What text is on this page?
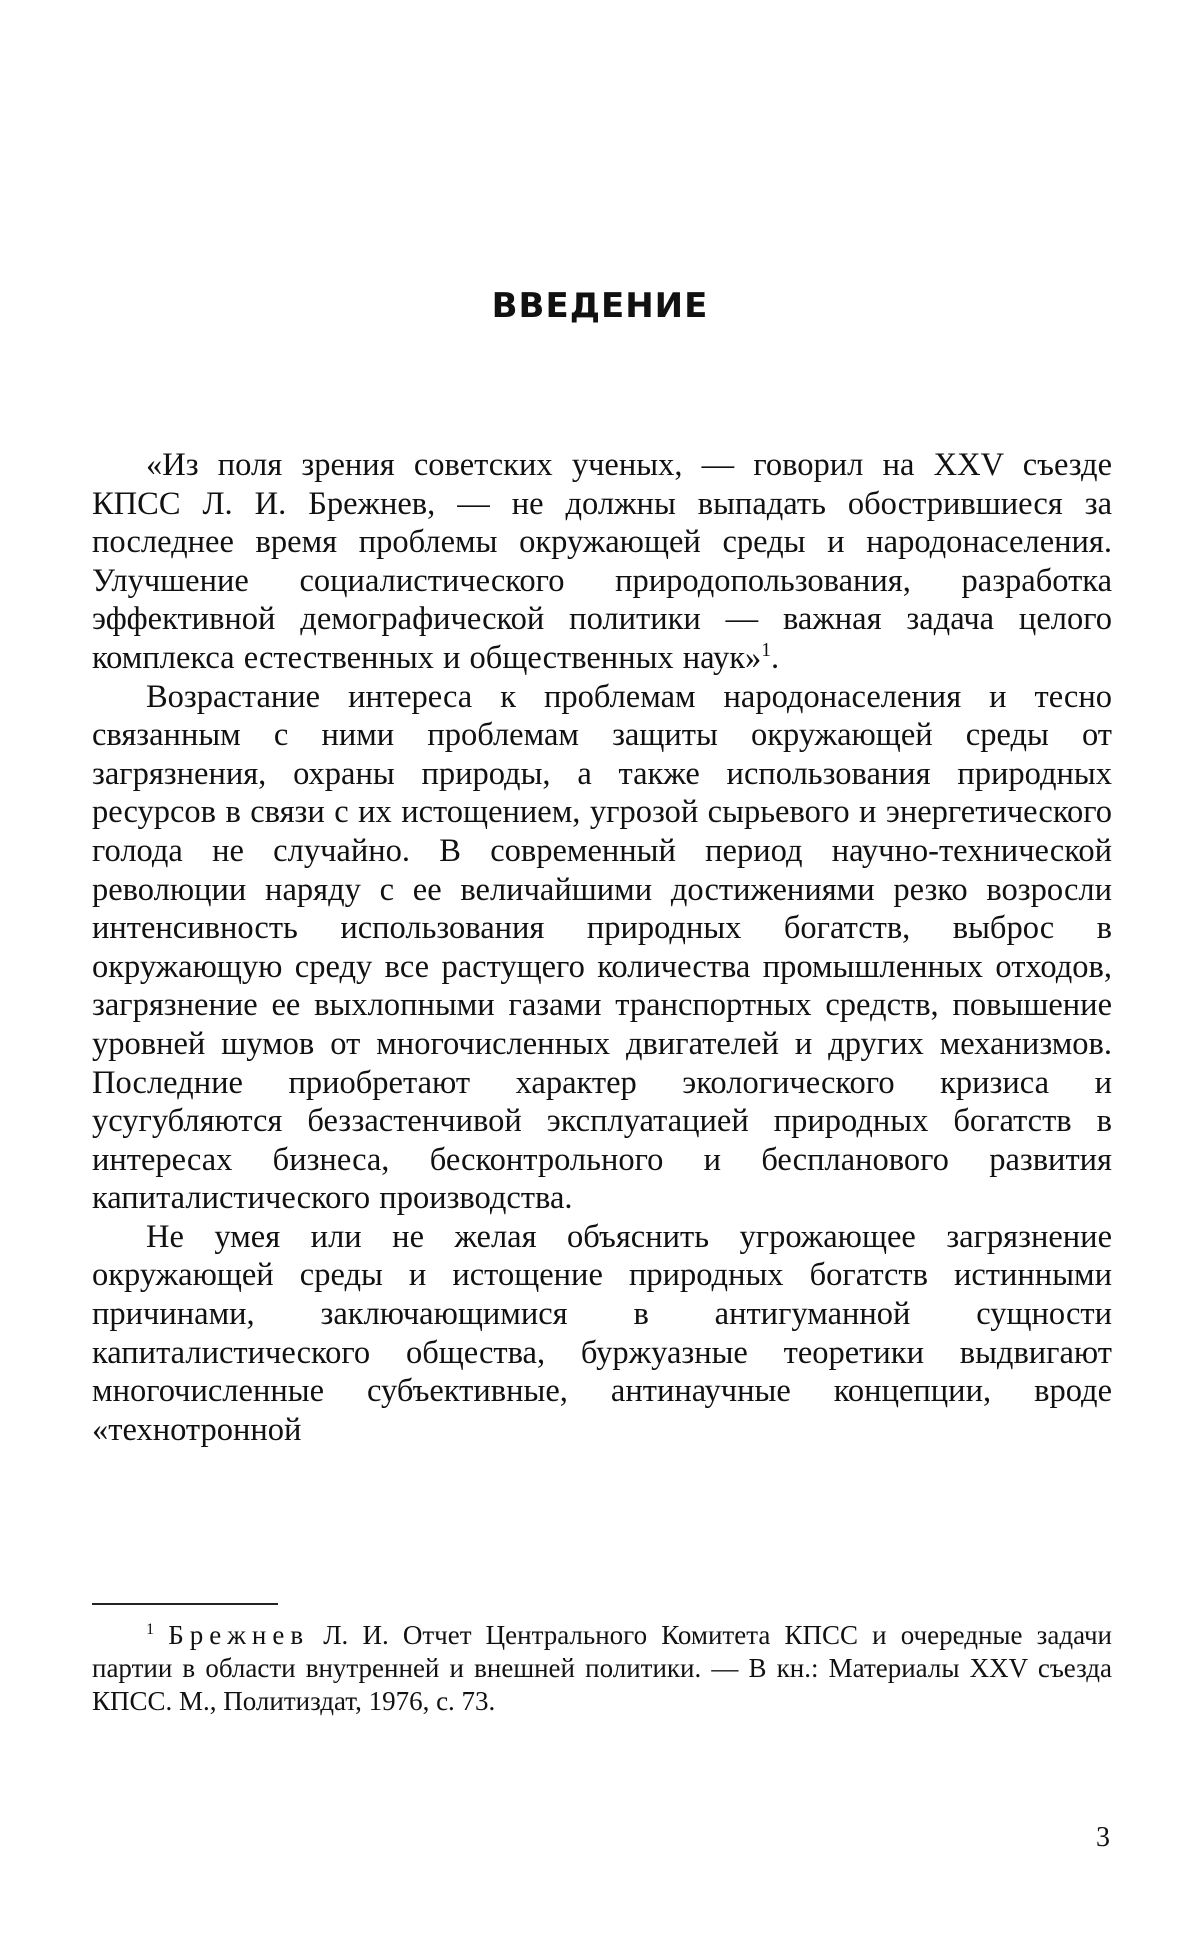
ВВЕДЕНИЕ

«Из поля зрения советских ученых, — говорил на XXV съезде КПСС Л. И. Брежнев, — не должны выпадать обострившиеся за последнее время проблемы окружающей среды и народонаселения. Улучшение социалистического природопользования, разработка эффективной демографической политики — важная задача целого комплекса естественных и общественных наук»$^1$.

Возрастание интереса к проблемам народонаселения и тесно связанным с ними проблемам защиты окружающей среды от загрязнения, охраны природы, а также использования природных ресурсов в связи с их истощением, угрозой сырьевого и энергетического голода не случайно. В современный период научно-технической революции наряду с ее величайшими достижениями резко возросли интенсивность использования природных богатств, выброс в окружающую среду все растущего количества промышленных отходов, загрязнение ее выхлопными газами транспортных средств, повышение уровней шумов от многочисленных двигателей и других механизмов. Последние приобретают характер экологического кризиса и усугубляются беззастенчивой эксплуатацией природных богатств в интересах бизнеса, бесконтрольного и беспланового развития капиталистического производства.

Не умея или не желая объяснить угрожающее загрязнение окружающей среды и истощение природных богатств истинными причинами, заключающимися в антигуманной сущности капиталистического общества, буржуазные теоретики выдвигают многочисленные субъективные, антинаучные концепции, вроде «технотронной

$^1$ Брежнев Л. И. Отчет Центрального Комитета КПСС и очередные задачи партии в области внутренней и внешней политики. — В кн.: Материалы XXV съезда КПСС. М., Политиздат, 1976, с. 73.

3
